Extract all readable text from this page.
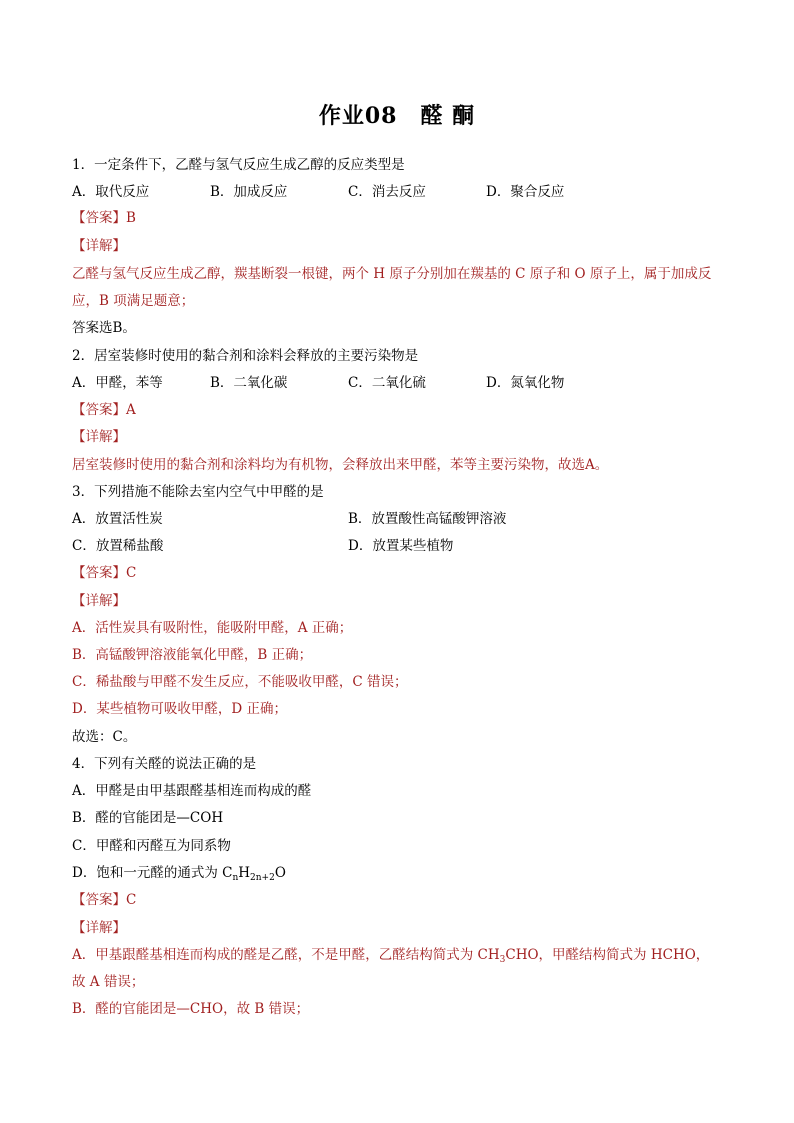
作业08　醛 酮
1．一定条件下，乙醛与氢气反应生成乙醇的反应类型是
A．取代反应	B．加成反应	C．消去反应	D．聚合反应
【答案】B
【详解】
乙醛与氢气反应生成乙醇，羰基断裂一根键，两个 H 原子分别加在羰基的 C 原子和 O 原子上，属于加成反
应，B 项满足题意；
答案选B。
2．居室装修时使用的黏合剂和涂料会释放的主要污染物是
A．甲醛，苯等	B．二氧化碳	C．二氧化硫	D．氮氧化物
【答案】A
【详解】
居室装修时使用的黏合剂和涂料均为有机物，会释放出来甲醛，苯等主要污染物，故选A。
3．下列措施不能除去室内空气中甲醛的是
A．放置活性炭	B．放置酸性高锰酸钾溶液
C．放置稀盐酸	D．放置某些植物
【答案】C
【详解】
A．活性炭具有吸附性，能吸附甲醛，A 正确；
B．高锰酸钾溶液能氧化甲醛，B 正确；
C．稀盐酸与甲醛不发生反应，不能吸收甲醛，C 错误；
D．某些植物可吸收甲醛，D 正确；
故选：C。
4．下列有关醛的说法正确的是
A．甲醛是由甲基跟醛基相连而构成的醛
B．醛的官能团是—COH
C．甲醛和丙醛互为同系物
D．饱和一元醛的通式为 $C_nH_{2n+2}O$
【答案】C
【详解】
A．甲基跟醛基相连而构成的醛是乙醛，不是甲醛，乙醛结构简式为 $CH_3CHO$，甲醛结构简式为 HCHO，
故 A 错误；
B．醛的官能团是—CHO，故 B 错误；
